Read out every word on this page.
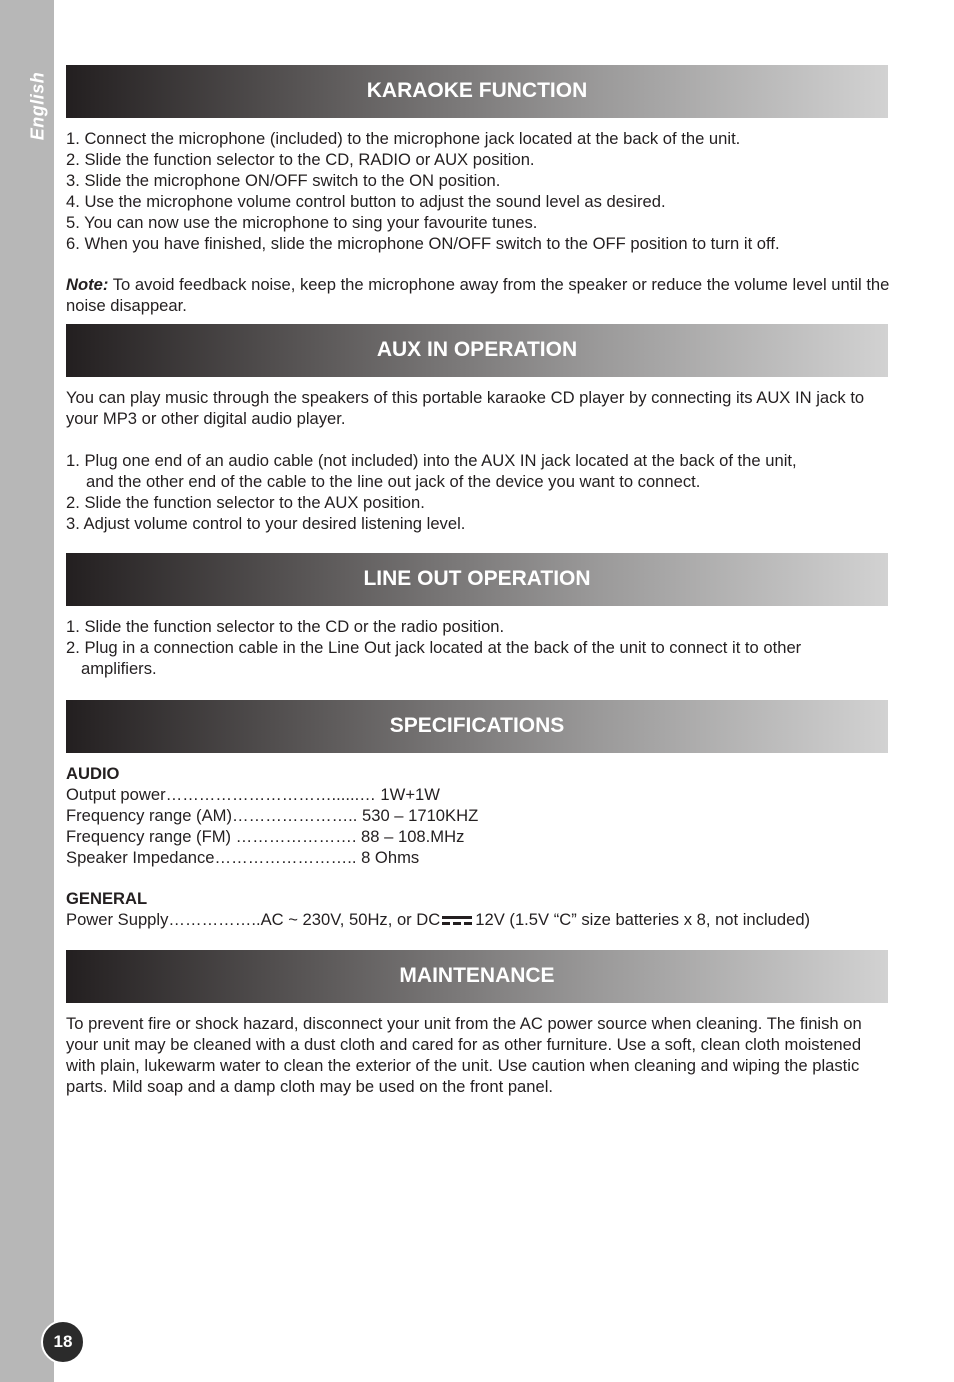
English	KARAOKE FUNCTION

1. Connect the microphone (included) to the microphone jack located at the back of the unit.

2. Slide the function selector to the CD, RADIO or AUX position.

3. Slide the microphone ON/OFF switch to the ON position.

4. Use the microphone volume control button to adjust the sound level as desired.

5. You can now use the microphone to sing your favourite tunes.

6. When you have finished, slide the microphone ON/OFF switch to the OFF position to turn it off.

Note: To avoid feedback noise, keep the microphone away from the speaker or reduce the volume level until the noise disappear.

AUX IN OPERATION

You can play music through the speakers of this portable karaoke CD player by connecting its AUX IN jack to your MP3 or other digital audio player.

1. Plug one end of an audio cable (not included) into the AUX IN jack located at the back of the unit,

and the other end of the cable to the line out jack of the device you want to connect.

2. Slide the function selector to the AUX position.

3. Adjust volume control to your desired listening level.

LINE OUT OPERATION

1. Slide the function selector to the CD or the radio position.

2. Plug in a connection cable in the Line Out jack located at the back of the unit to connect it to other

amplifiers.

SPECIFICATIONS

AUDIO

Output power…………………………......… 1W+1W

Frequency range (AM)………………….. 530 – 1710KHZ

Frequency range (FM) …………………. 88 – 108.MHz

Speaker Impedance…………………….. 8 Ohms

GENERAL

Power Supply……………..AC ~ 230V, 50Hz, or DC 12V (1.5V “C” size batteries x 8, not included)

MAINTENANCE

To prevent fire or shock hazard, disconnect your unit from the AC power source when cleaning. The finish on your unit may be cleaned with a dust cloth and cared for as other furniture. Use a soft, clean cloth moistened with plain, lukewarm water to clean the exterior of the unit. Use caution when cleaning and wiping the plastic parts. Mild soap and a damp cloth may be used on the front panel.

18
